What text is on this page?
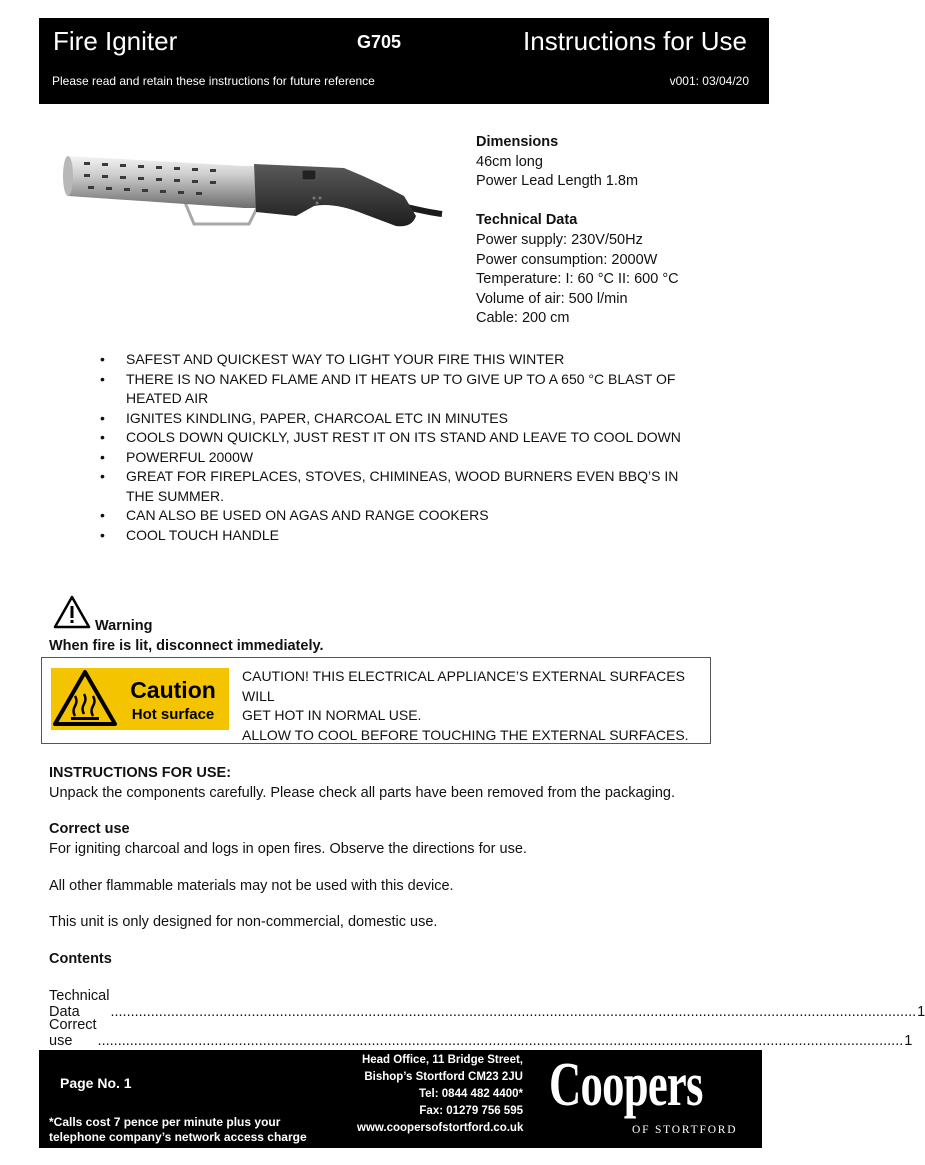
Fire Igniter	G705	Instructions for Use
Please read and retain these instructions for future reference	v001: 03/04/20
Dimensions
46cm long
Power Lead Length 1.8m
Technical Data
Power supply: 230V/50Hz
Power consumption: 2000W
Temperature: I: 60 °C II: 600 °C
Volume of air: 500 l/min
Cable: 200 cm
• SAFEST AND QUICKEST WAY TO LIGHT YOUR FIRE THIS WINTER
• THERE IS NO NAKED FLAME AND IT HEATS UP TO GIVE UP TO A 650 °C BLAST OF HEATED AIR
• IGNITES KINDLING, PAPER, CHARCOAL ETC IN MINUTES
• COOLS DOWN QUICKLY, JUST REST IT ON ITS STAND AND LEAVE TO COOL DOWN
• POWERFUL 2000W
• GREAT FOR FIREPLACES, STOVES, CHIMINEAS, WOOD BURNERS EVEN BBQ’S IN THE SUMMER.
• CAN ALSO BE USED ON AGAS AND RANGE COOKERS
• COOL TOUCH HANDLE
Warning
When fire is lit, disconnect immediately.
Caution
Hot surface
CAUTION! THIS ELECTRICAL APPLIANCE’S EXTERNAL SURFACES WILL
GET HOT IN NORMAL USE.
ALLOW TO COOL BEFORE TOUCHING THE EXTERNAL SURFACES.
INSTRUCTIONS FOR USE:
Unpack the components carefully. Please check all parts have been removed from the packaging.
Correct use
For igniting charcoal and logs in open fires. Observe the directions for use.
All other flammable materials may not be used with this device.
This unit is only designed for non-commercial, domestic use.
Contents
Technical Data	........................................................................................................................................................................................................ 1
Correct use	........................................................................................................................................................................................................ 1
Page No. 1
*Calls cost 7 pence per minute plus your
telephone company’s network access charge
Head Office, 11 Bridge Street,
Bishop’s Stortford CM23 2JU
Tel: 0844 482 4400*
Fax: 01279 756 595
www.coopersofstortford.co.uk
Coopers
OF STORTFORD
